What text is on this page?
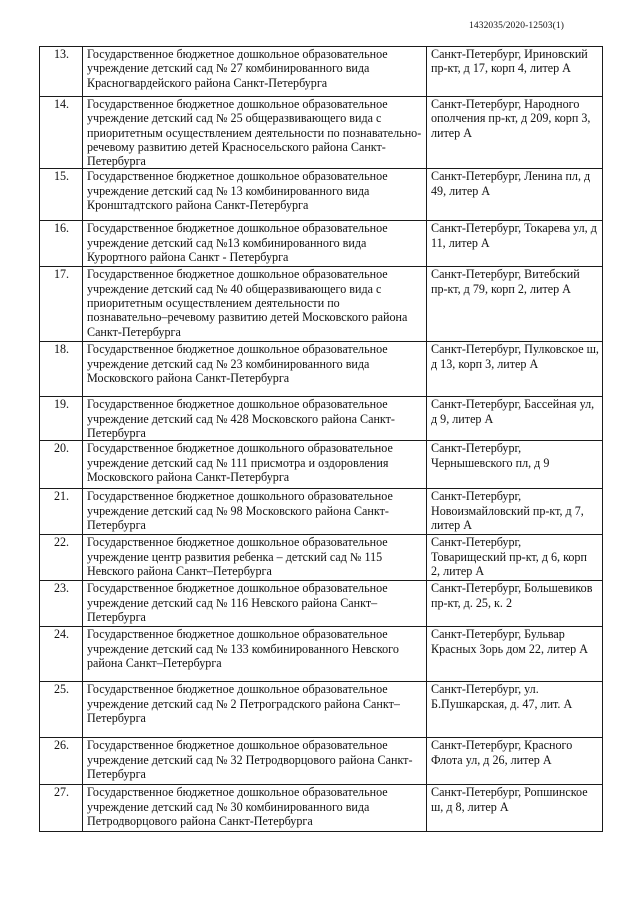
1432035/2020-12503(1)
13.	Государственное бюджетное дошкольное образовательное учреждение детский сад № 27 комбинированного вида Красногвардейского района Санкт-Петербурга	Санкт-Петербург, Ириновский пр-кт, д 17, корп 4, литер А
14.	Государственное бюджетное дошкольное образовательное учреждение детский сад № 25 общеразвивающего вида с приоритетным осуществлением деятельности по познавательно-речевому развитию детей Красносельского района Санкт-Петербурга	Санкт-Петербург, Народного ополчения пр-кт, д 209, корп 3, литер А
15.	Государственное бюджетное дошкольное образовательное учреждение детский сад № 13 комбинированного вида Кронштадтского района Санкт-Петербурга	Санкт-Петербург, Ленина пл, д 49, литер А
16.	Государственное бюджетное дошкольное образовательное учреждение детский сад №13 комбинированного вида Курортного района Санкт - Петербурга	Санкт-Петербург, Токарева ул, д 11, литер А
17.	Государственное бюджетное дошкольное образовательное учреждение детский сад № 40 общеразвивающего вида с приоритетным осуществлением деятельности по познавательно–речевому развитию детей Московского района Санкт-Петербурга	Санкт-Петербург, Витебский пр-кт, д 79, корп 2, литер А
18.	Государственное бюджетное дошкольное образовательное учреждение детский сад № 23 комбинированного вида Московского района Санкт-Петербурга	Санкт-Петербург, Пулковское ш, д 13, корп 3, литер А
19.	Государственное бюджетное дошкольное образовательное учреждение детский сад № 428 Московского района Санкт-Петербурга	Санкт-Петербург, Бассейная ул, д 9, литер А
20.	Государственное бюджетное дошкольного образовательное учреждение детский сад № 111 присмотра и оздоровления Московского района Санкт-Петербурга	Санкт-Петербург, Чернышевского пл, д 9
21.	Государственное бюджетное дошкольного образовательное учреждение детский сад № 98 Московского района Санкт-Петербурга	Санкт-Петербург, Новоизмайловский пр-кт, д 7, литер А
22.	Государственное бюджетное дошкольное образовательное учреждение центр развития ребенка – детский сад № 115 Невского района Санкт–Петербурга	Санкт-Петербург, Товарищеский пр-кт, д 6, корп 2, литер А
23.	Государственное бюджетное дошкольное образовательное учреждение детский сад № 116 Невского района Санкт–Петербурга	Санкт-Петербург, Большевиков пр-кт, д. 25, к. 2
24.	Государственное бюджетное дошкольное образовательное учреждение детский сад № 133 комбинированного Невского района Санкт–Петербурга	Санкт-Петербург, Бульвар Красных Зорь дом 22, литер А
25.	Государственное бюджетное дошкольное образовательное учреждение детский сад № 2 Петроградского района Санкт–Петербурга	Санкт-Петербург, ул. Б.Пушкарская, д. 47, лит. А
26.	Государственное бюджетное дошкольное образовательное учреждение детский сад № 32 Петродворцового района Санкт-Петербурга	Санкт-Петербург, Красного Флота ул, д 26, литер А
27.	Государственное бюджетное дошкольное образовательное учреждение детский сад № 30 комбинированного вида Петродворцового района Санкт-Петербурга	Санкт-Петербург, Ропшинское ш, д 8, литер А
